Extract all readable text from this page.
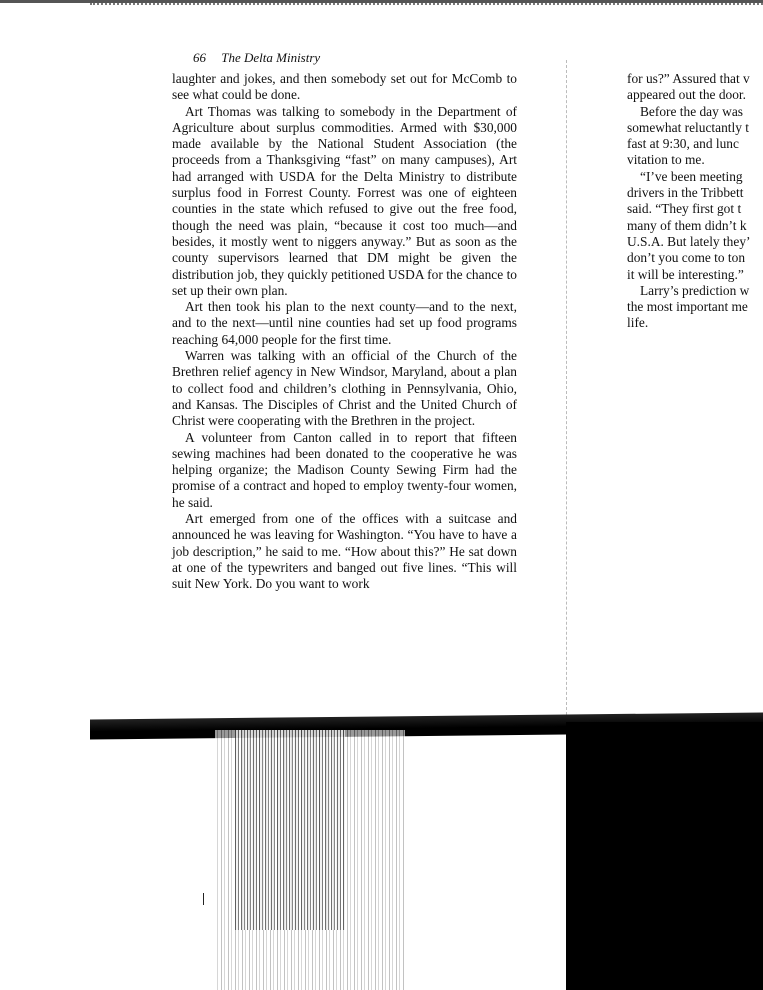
66 The Delta Ministry

laughter and jokes, and then somebody set out for McComb to see what could be done.

Art Thomas was talking to somebody in the Department of Agriculture about surplus commodities. Armed with $30,000 made available by the National Student Association (the proceeds from a Thanksgiving “fast” on many campuses), Art had arranged with USDA for the Delta Ministry to distribute surplus food in Forrest County. Forrest was one of eighteen counties in the state which refused to give out the free food, though the need was plain, “because it cost too much—and besides, it mostly went to niggers anyway.” But as soon as the county supervisors learned that DM might be given the distribution job, they quickly petitioned USDA for the chance to set up their own plan.

Art then took his plan to the next county—and to the next, and to the next—until nine counties had set up food programs reaching 64,000 people for the first time.

Warren was talking with an official of the Church of the Brethren relief agency in New Windsor, Maryland, about a plan to collect food and children’s clothing in Pennsylvania, Ohio, and Kansas. The Disciples of Christ and the United Church of Christ were cooperating with the Brethren in the project.

A volunteer from Canton called in to report that fifteen sewing machines had been donated to the cooperative he was helping organize; the Madison County Sewing Firm had the promise of a contract and hoped to employ twenty-four women, he said.

Art emerged from one of the offices with a suitcase and announced he was leaving for Washington. “You have to have a job description,” he said to me. “How about this?” He sat down at one of the typewriters and banged out five lines. “This will suit New York. Do you want to work

for us?” Assured that v

appeared out the door.

Before the day was

somewhat reluctantly t

fast at 9:30, and lunc

vitation to me.

“I’ve been meeting

drivers in the Tribbett

said. “They first got t

many of them didn’t k

U.S.A. But lately they’

don’t you come to ton

it will be interesting.”

Larry’s prediction w

the most important me

life.
